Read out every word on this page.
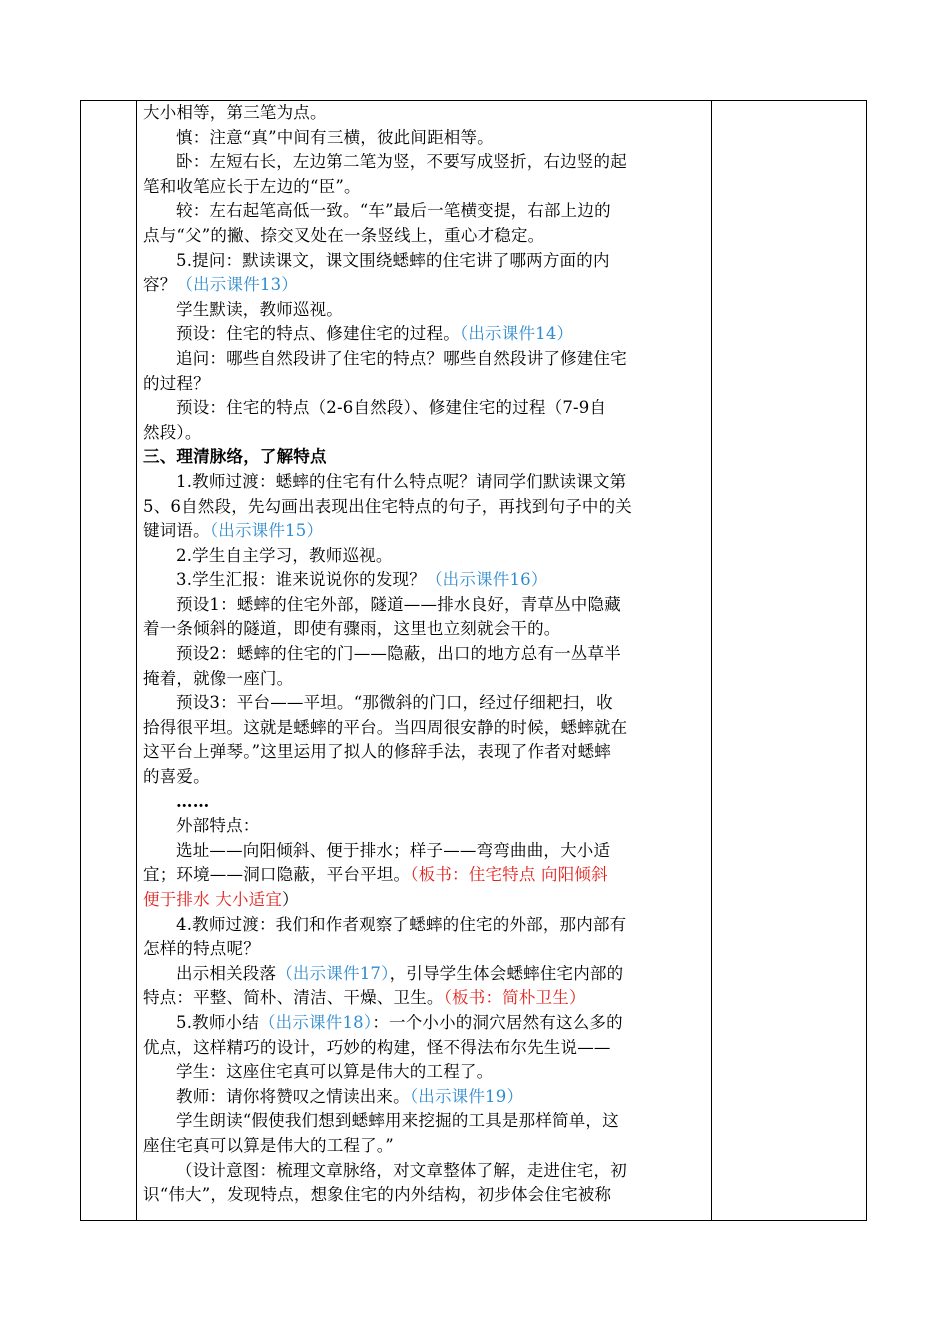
大小相等，第三笔为点。
慎：注意“真”中间有三横，彼此间距相等。
卧：左短右长，左边第二笔为竖，不要写成竖折，右边竖的起
笔和收笔应长于左边的“臣”。
较：左右起笔高低一致。“车”最后一笔横变提，右部上边的
点与“父”的撇、捺交叉处在一条竖线上，重心才稳定。
5.提问：默读课文，课文围绕蟋蟀的住宅讲了哪两方面的内
容？（出示课件13）
学生默读，教师巡视。
预设：住宅的特点、修建住宅的过程。（出示课件14）
追问：哪些自然段讲了住宅的特点？哪些自然段讲了修建住宅
的过程？
预设：住宅的特点（2-6自然段）、修建住宅的过程（7-9自
然段）。
三、理清脉络，了解特点
1.教师过渡：蟋蟀的住宅有什么特点呢？请同学们默读课文第
5、6自然段，先勾画出表现出住宅特点的句子，再找到句子中的关
键词语。（出示课件15）
2.学生自主学习，教师巡视。
3.学生汇报：谁来说说你的发现？（出示课件16）
预设1：蟋蟀的住宅外部，隧道——排水良好，青草丛中隐藏
着一条倾斜的隧道，即使有骤雨，这里也立刻就会干的。
预设2：蟋蟀的住宅的门——隐蔽，出口的地方总有一丛草半
掩着，就像一座门。
预设3：平台——平坦。“那微斜的门口，经过仔细耙扫，收
拾得很平坦。这就是蟋蟀的平台。当四周很安静的时候，蟋蟀就在
这平台上弹琴。”这里运用了拟人的修辞手法，表现了作者对蟋蟀
的喜爱。
……
外部特点：
选址——向阳倾斜、便于排水；样子——弯弯曲曲，大小适
宜；环境——洞口隐蔽，平台平坦。（板书：住宅特点 向阳倾斜
便于排水 大小适宜）
4.教师过渡：我们和作者观察了蟋蟀的住宅的外部，那内部有
怎样的特点呢？
出示相关段落（出示课件17），引导学生体会蟋蟀住宅内部的
特点：平整、简朴、清洁、干燥、卫生。（板书：简朴卫生）
5.教师小结（出示课件18）：一个小小的洞穴居然有这么多的
优点，这样精巧的设计，巧妙的构建，怪不得法布尔先生说——
学生：这座住宅真可以算是伟大的工程了。
教师：请你将赞叹之情读出来。（出示课件19）
学生朗读“假使我们想到蟋蟀用来挖掘的工具是那样简单，这
座住宅真可以算是伟大的工程了。”
（设计意图：梳理文章脉络，对文章整体了解，走进住宅，初
识“伟大”，发现特点，想象住宅的内外结构，初步体会住宅被称
